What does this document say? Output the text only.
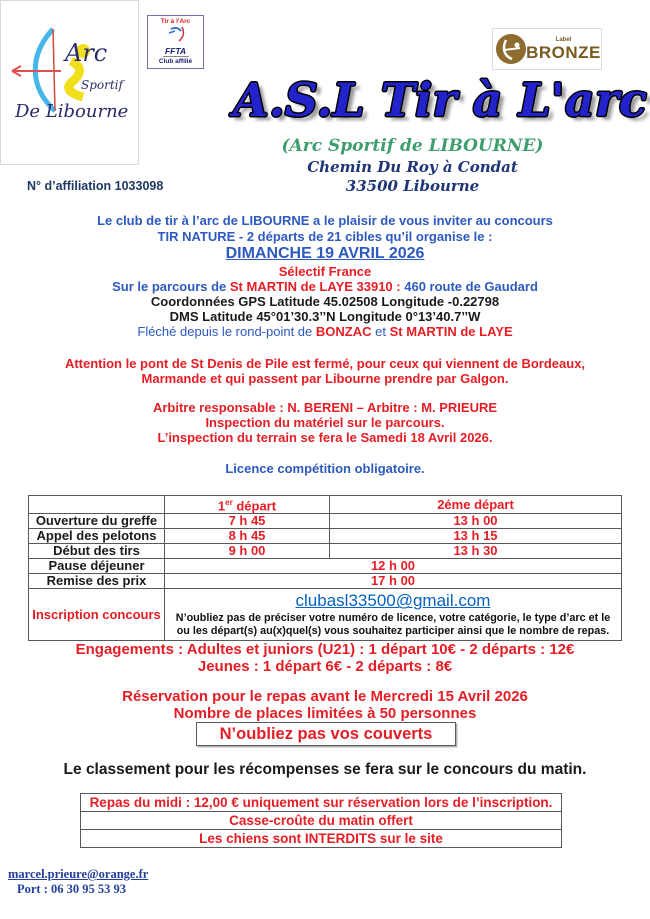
Arc
Sportif
De Libourne
Tir à l'Arc
FFTA
Club affilié
Label
BRONZE
A.S.L Tir à L'arc
(Arc Sportif de LIBOURNE)
Chemin Du Roy à Condat
33500 Libourne
N° d’affiliation 1033098
Le club de tir à l’arc de LIBOURNE a le plaisir de vous inviter au concours
TIR NATURE - 2 départs de 21 cibles qu’il organise le :
DIMANCHE 19 AVRIL 2026
Sélectif France
Sur le parcours de St MARTIN de LAYE 33910 : 460 route de Gaudard
Coordonnées GPS Latitude 45.02508 Longitude -0.22798
DMS Latitude 45°01’30.3’’N Longitude 0°13’40.7’’W
Fléché depuis le rond-point de BONZAC et St MARTIN de LAYE
Attention le pont de St Denis de Pile est fermé, pour ceux qui viennent de Bordeaux,
Marmande et qui passent par Libourne prendre par Galgon.
Arbitre responsable : N. BERENI – Arbitre : M. PRIEURE
Inspection du matériel sur le parcours.
L’inspection du terrain se fera le Samedi 18 Avril 2026.
Licence compétition obligatoire.
	1er départ	2éme départ
Ouverture du greffe	7 h 45	13 h 00
Appel des pelotons	8 h 45	13 h 15
Début des tirs	9 h 00	13 h 30
Pause déjeuner	12 h 00	
Remise des prix	17 h 00	
Inscription concours	clubasl33500@gmail.com
N’oubliez pas de préciser votre numéro de licence, votre catégorie, le type d’arc et le ou les départ(s) au(x)quel(s) vous souhaitez participer ainsi que le nombre de repas.	
Engagements : Adultes et juniors (U21) : 1 départ 10€ - 2 départs : 12€
Jeunes : 1 départ 6€ - 2 départs : 8€
Réservation pour le repas avant le Mercredi 15 Avril 2026
Nombre de places limitées à 50 personnes
N’oubliez pas vos couverts
Le classement pour les récompenses se fera sur le concours du matin.
Repas du midi : 12,00 € uniquement sur réservation lors de l’inscription.
Casse-croûte du matin offert
Les chiens sont INTERDITS sur le site
marcel.prieure@orange.fr
Port : 06 30 95 53 93
